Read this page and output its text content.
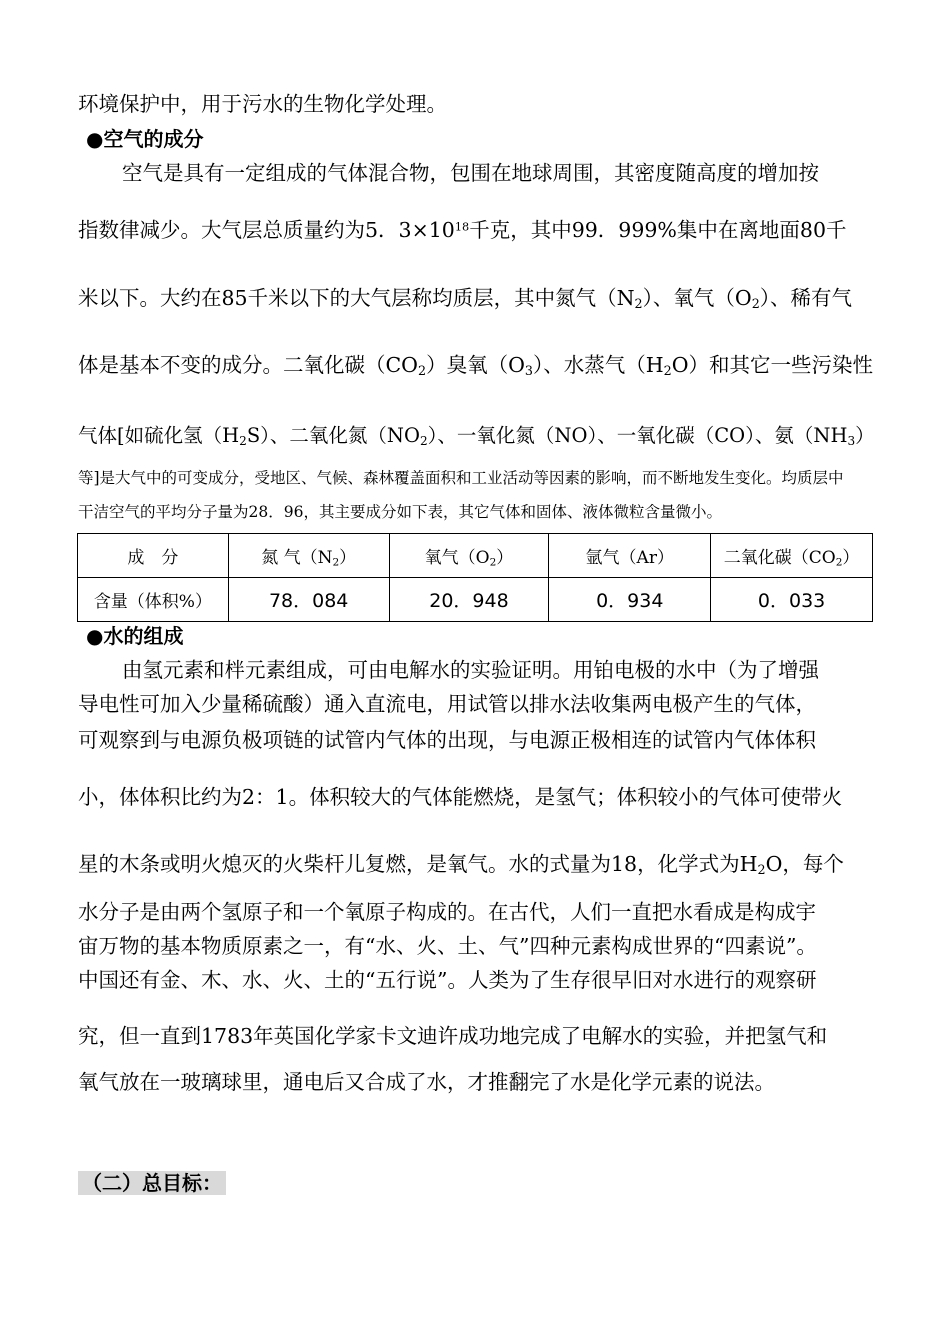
环境保护中，用于污水的生物化学处理。
●空气的成分
空气是具有一定组成的气体混合物，包围在地球周围，其密度随高度的增加按
指数律减少。大气层总质量约为5．$3\times 10^{18}$千克，其中99．999%集中在离地面80千
米以下。大约在85千米以下的大气层称均质层，其中氮气$(N_2)$、氧气$(O_2)$、稀有气
体是基本不变的成分。二氧化碳$(CO_2)$臭氧$(O_3)$、水蒸气$(H_2O)$和其它一些污染性
气体[如硫化氢$(H_2S)$、二氧化氮$(NO_2)$、一氧化氮（NO）、一氧化碳（CO）、氨$(NH_3)$
等]是大气中的可变成分，受地区、气候、森林覆盖面积和工业活动等因素的影响，而不断地发生变化。均质层中
干洁空气的平均分子量为28．96，其主要成分如下表，其它气体和固体、液体微粒含量微小。
成　分	氮 气$(N_2)$	氧气$(O_2)$	氩气（Ar）	二氧化碳$(CO_2)$
含量（体积%）	78．084	20．948	0．934	0．033
●水的组成
由氢元素和柈元素组成，可由电解水的实验证明。用铂电极的水中（为了增强
导电性可加入少量稀硫酸）通入直流电，用试管以排水法收集两电极产生的气体，
可观察到与电源负极项链的试管内气体的出现，与电源正极相连的试管内气体体积
小，体体积比约为2：1。体积较大的气体能燃烧，是氢气；体积较小的气体可使带火
星的木条或明火熄灭的火柴杆儿复燃，是氧气。水的式量为18，化学式为$H_2O$，每个
水分子是由两个氢原子和一个氧原子构成的。在古代，人们一直把水看成是构成宇
宙万物的基本物质原素之一，有“水、火、土、气”四种元素构成世界的“四素说”。
中国还有金、木、水、火、土的“五行说”。人类为了生存很早旧对水进行的观察研
究，但一直到1783年英国化学家卡文迪许成功地完成了电解水的实验，并把氢气和
氧气放在一玻璃球里，通电后又合成了水，才推翻完了水是化学元素的说法。
（二）总目标：
